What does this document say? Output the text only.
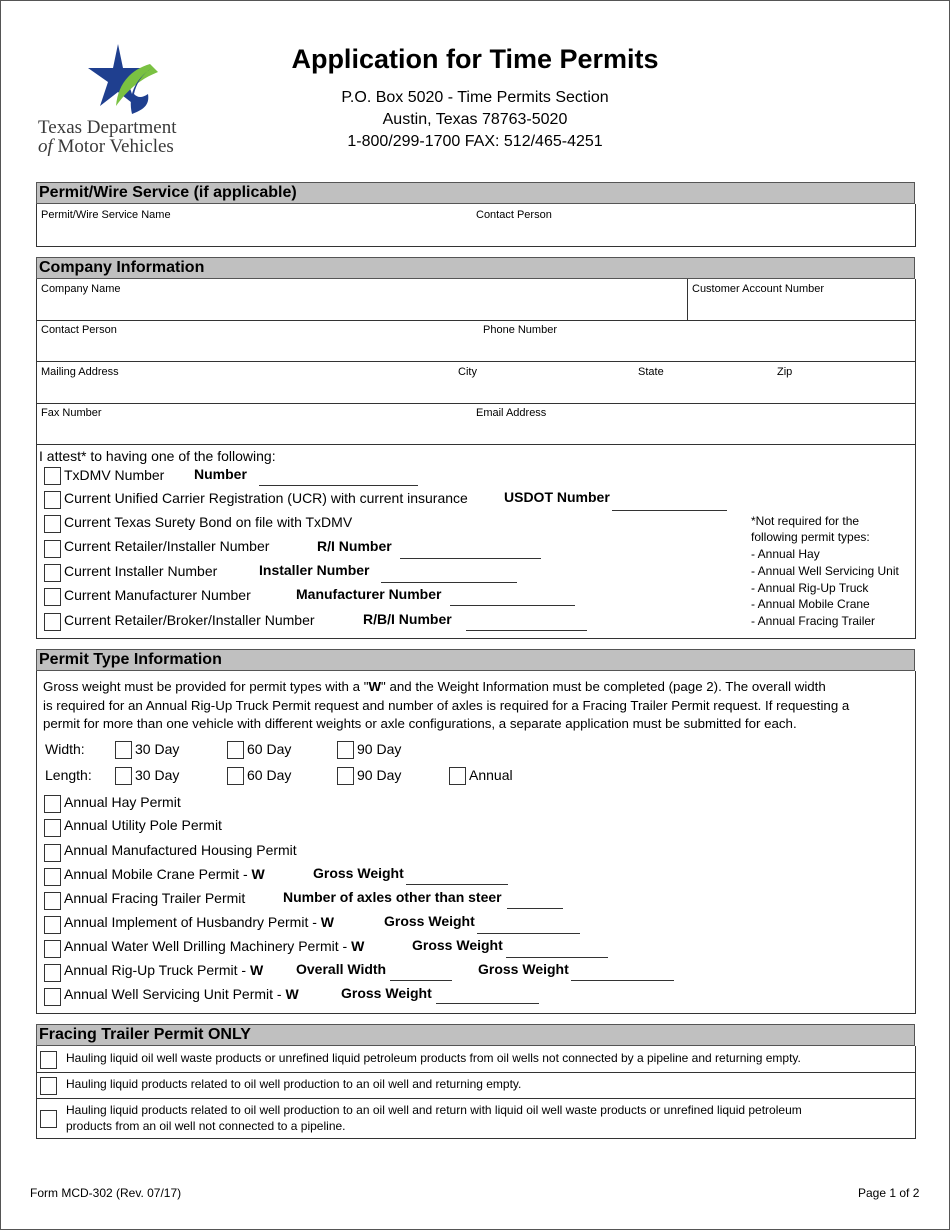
Texas Department
of Motor Vehicles
Application for Time Permits
P.O. Box 5020 - Time Permits Section
Austin, Texas 78763-5020
1-800/299-1700 FAX: 512/465-4251
Permit/Wire Service (if applicable)
Permit/Wire Service Name	Contact Person
Company Information
Company Name	Customer Account Number
Contact Person	Phone Number
Mailing Address	City	State	Zip
Fax Number	Email Address
I attest* to having one of the following:
TxDMV Number Number
Current Unified Carrier Registration (UCR) with current insurance	USDOT Number
Current Texas Surety Bond on file with TxDMV
Current Retailer/Installer Number	R/I Number
Current Installer Number	Installer Number
Current Manufacturer Number	Manufacturer Number
Current Retailer/Broker/Installer Number	R/B/I Number
*Not required for the
following permit types:
- Annual Hay
- Annual Well Servicing Unit
- Annual Rig-Up Truck
- Annual Mobile Crane
- Annual Fracing Trailer
Permit Type Information
Gross weight must be provided for permit types with a "W" and the Weight Information must be completed (page 2). The overall width
is required for an Annual Rig-Up Truck Permit request and number of axles is required for a Fracing Trailer Permit request. If requesting a
permit for more than one vehicle with different weights or axle configurations, a separate application must be submitted for each.
Width:	30 Day	60 Day	90 Day
Length:	30 Day	60 Day	90 Day	Annual
Annual Hay Permit
Annual Utility Pole Permit
Annual Manufactured Housing Permit
Annual Mobile Crane Permit - W	Gross Weight
Annual Fracing Trailer Permit	Number of axles other than steer
Annual Implement of Husbandry Permit - W	Gross Weight
Annual Water Well Drilling Machinery Permit - W	Gross Weight
Annual Rig-Up Truck Permit - W Overall Width	Gross Weight
Annual Well Servicing Unit Permit - W	Gross Weight
Fracing Trailer Permit ONLY
Hauling liquid oil well waste products or unrefined liquid petroleum products from oil wells not connected by a pipeline and returning empty.
Hauling liquid products related to oil well production to an oil well and returning empty.
Hauling liquid products related to oil well production to an oil well and return with liquid oil well waste products or unrefined liquid petroleum
products from an oil well not connected to a pipeline.
Form MCD-302 (Rev. 07/17)	Page 1 of 2
